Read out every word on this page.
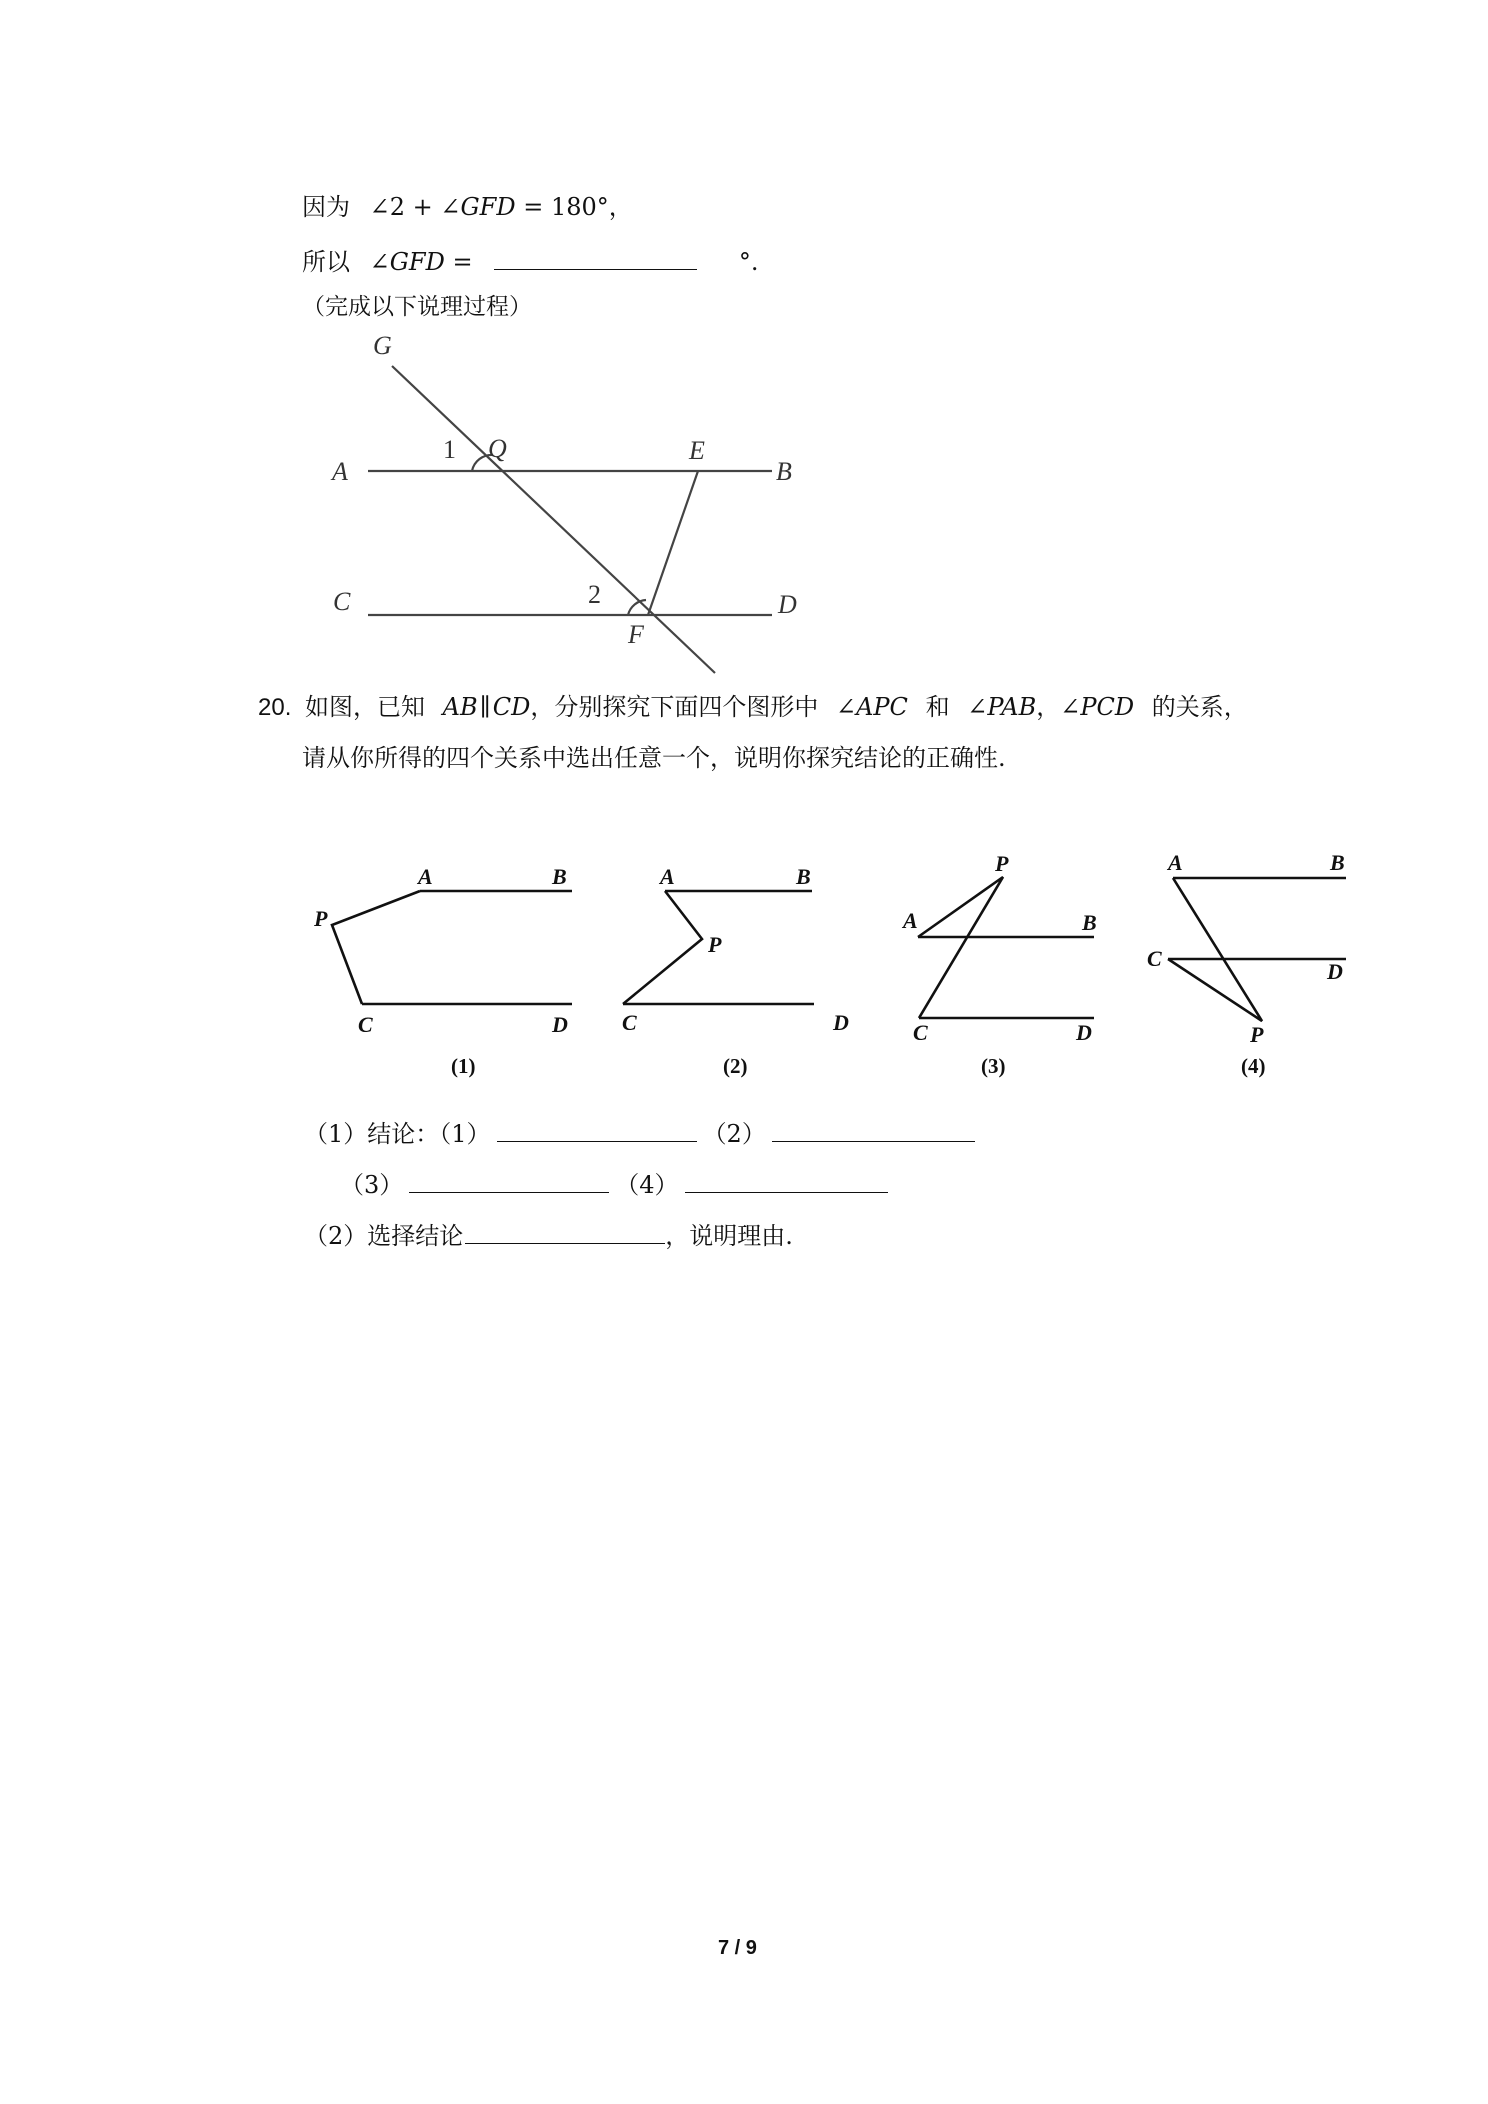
因为 ∠2 + ∠GFD = 180°，
所以 ∠GFD =	°.
（完成以下说理过程）
G
A
1 Q	E
B
C	2	D
F
20. 如图，已知 AB∥CD，分别探究下面四个图形中 ∠APC 和 ∠PAB，∠PCD 的关系，
请从你所得的四个关系中选出任意一个，说明你探究结论的正确性.
A	B
P
C	D
A	B
P
C	D
P
A	B
C	D
A	B
C
D
P
(1)	(2)	(3)	(4)
（1）结论：（1）	（2）
（3）	（4）
（2）选择结论	，说明理由.
7 / 9
